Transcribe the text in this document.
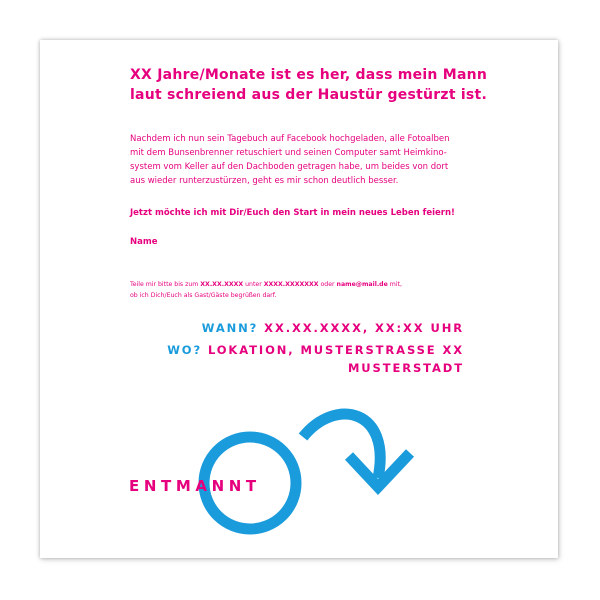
XX Jahre/Monate ist es her, dass mein Mann
laut schreiend aus der Haustür gestürzt ist.

Nachdem ich nun sein Tagebuch auf Facebook hochgeladen, alle Fotoalben
mit dem Bunsenbrenner retuschiert und seinen Computer samt Heimkino-
system vom Keller auf den Dachboden getragen habe, um beides von dort
aus wieder runterzustürzen, geht es mir schon deutlich besser.

Jetzt möchte ich mit Dir/Euch den Start in mein neues Leben feiern!

Name

Teile mir bitte bis zum XX.XX.XXXX unter XXXX.XXXXXXX oder name@mail.de mit,
ob ich Dich/Euch als Gast/Gäste begrüßen darf.

WANN? XX.XX.XXXX, XX:XX UHR
WO? LOKATION, MUSTERSTRASSE XX
MUSTERSTADT
ENTMANNT
